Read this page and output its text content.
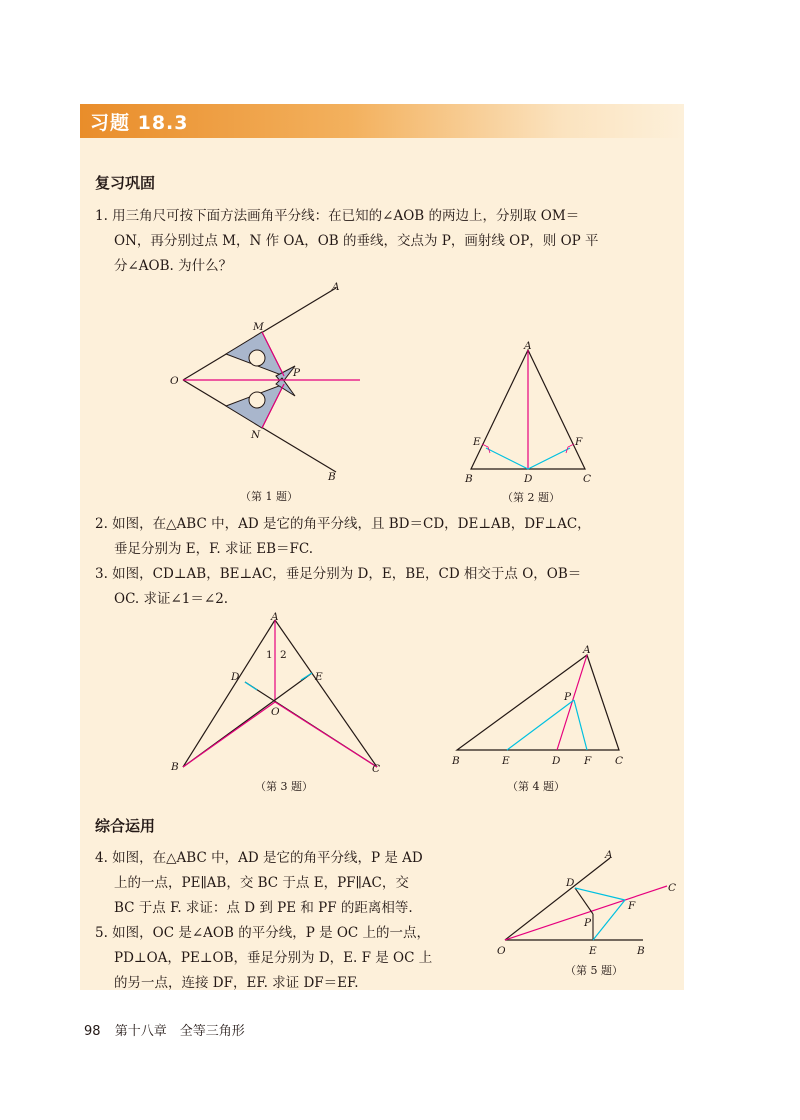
习题 18.3
复习巩固
1. 用三角尺可按下面方法画角平分线：在已知的∠AOB 的两边上，分别取 OM＝
ON，再分别过点 M，N 作 OA，OB 的垂线，交点为 P，画射线 OP，则 OP 平
分∠AOB. 为什么？
A
B
O
M
N
P
（第 1 题）
A
B	C
D
E	F
（第 2 题）
2. 如图，在△ABC 中，AD 是它的角平分线，且 BD＝CD，DE⊥AB，DF⊥AC，
垂足分别为 E，F. 求证 EB＝FC.
3. 如图，CD⊥AB，BE⊥AC，垂足分别为 D，E，BE，CD 相交于点 O，OB＝
OC. 求证∠1＝∠2.
A
B	C
D	E
O
1 2
（第 3 题）
A
B	C
D
E	F
P
（第 4 题）
综合运用
4. 如图，在△ABC 中，AD 是它的角平分线，P 是 AD
上的一点，PE∥AB，交 BC 于点 E，PF∥AC，交
BC 于点 F. 求证：点 D 到 PE 和 PF 的距离相等.
5. 如图，OC 是∠AOB 的平分线，P 是 OC 上的一点，
PD⊥OA，PE⊥OB，垂足分别为 D，E. F 是 OC 上
的另一点，连接 DF，EF. 求证 DF＝EF.
A
B
C
D
E
F
O
P
（第 5 题）
98 第十八章　全等三角形
